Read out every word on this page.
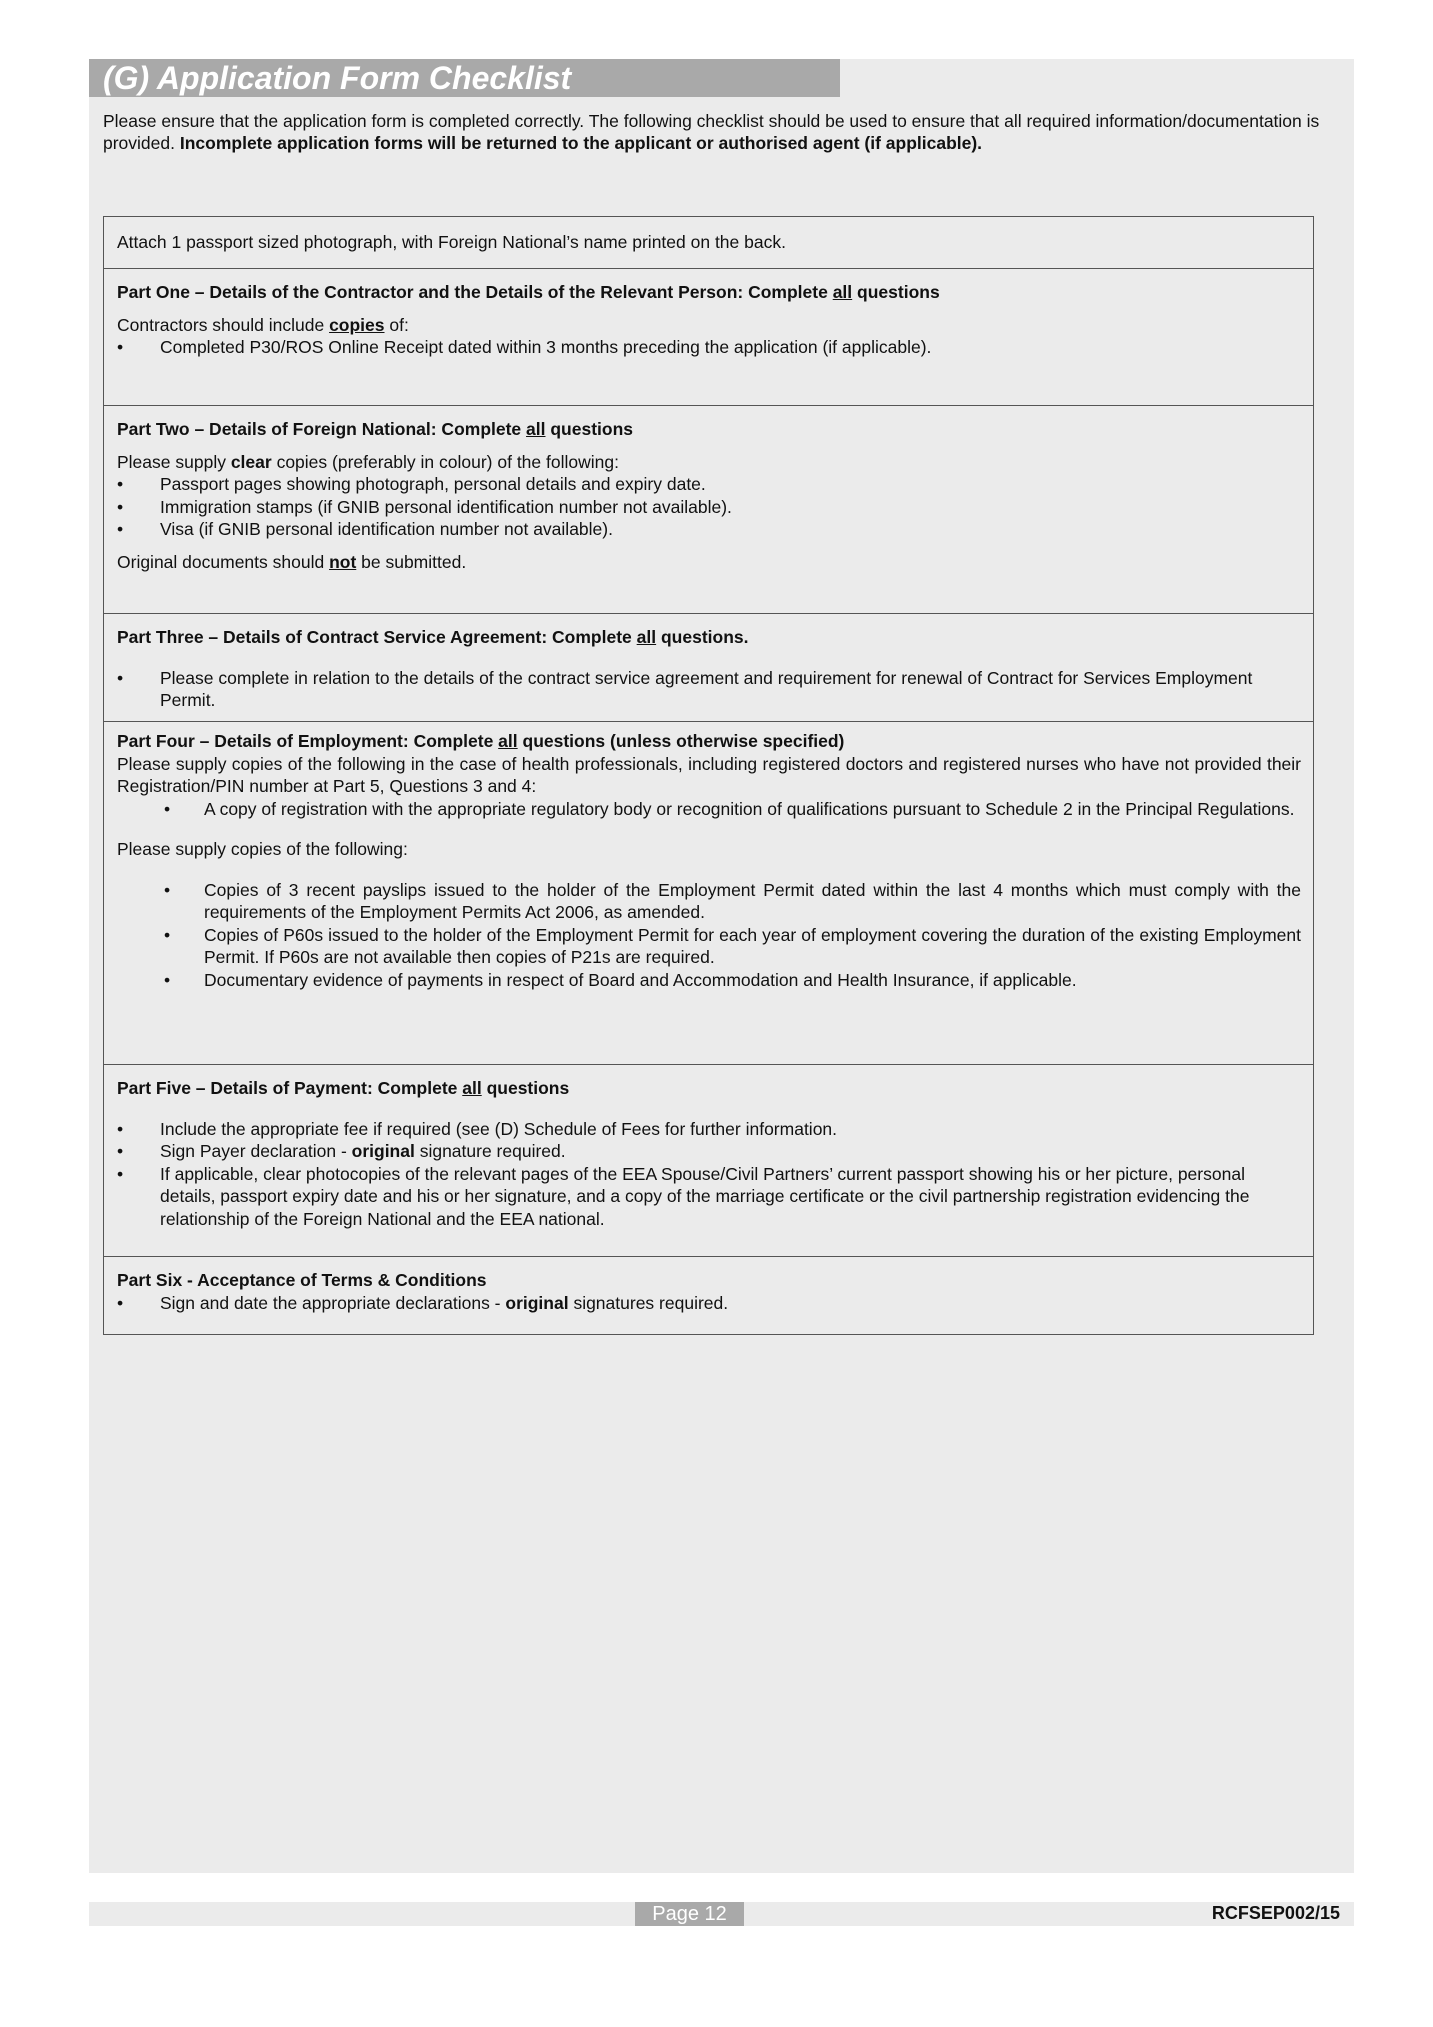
(G) Application Form Checklist
Please ensure that the application form is completed correctly. The following checklist should be used to ensure that all required information/documentation is provided. Incomplete application forms will be returned to the applicant or authorised agent (if applicable).
Attach 1 passport sized photograph, with Foreign National’s name printed on the back.
Part One – Details of the Contractor and the Details of the Relevant Person: Complete all questions
Contractors should include copies of:
• Completed P30/ROS Online Receipt dated within 3 months preceding the application (if applicable).
Part Two – Details of Foreign National: Complete all questions
Please supply clear copies (preferably in colour) of the following:
• Passport pages showing photograph, personal details and expiry date.
• Immigration stamps (if GNIB personal identification number not available).
• Visa (if GNIB personal identification number not available).
Original documents should not be submitted.
Part Three – Details of Contract Service Agreement: Complete all questions.
• Please complete in relation to the details of the contract service agreement and requirement for renewal of Contract for Services Employment Permit.
Part Four – Details of Employment: Complete all questions (unless otherwise specified)
Please supply copies of the following in the case of health professionals, including registered doctors and registered nurses who have not provided their Registration/PIN number at Part 5, Questions 3 and 4:
• A copy of registration with the appropriate regulatory body or recognition of qualifications pursuant to Schedule 2 in the Principal Regulations.
Please supply copies of the following:
• Copies of 3 recent payslips issued to the holder of the Employment Permit dated within the last 4 months which must comply with the requirements of the Employment Permits Act 2006, as amended.
• Copies of P60s issued to the holder of the Employment Permit for each year of employment covering the duration of the existing Employment Permit. If P60s are not available then copies of P21s are required.
• Documentary evidence of payments in respect of Board and Accommodation and Health Insurance, if applicable.
Part Five – Details of Payment: Complete all questions
• Include the appropriate fee if required (see (D) Schedule of Fees for further information.
• Sign Payer declaration - original signature required.
• If applicable, clear photocopies of the relevant pages of the EEA Spouse/Civil Partners’ current passport showing his or her picture, personal details, passport expiry date and his or her signature, and a copy of the marriage certificate or the civil partnership registration evidencing the relationship of the Foreign National and the EEA national.
Part Six - Acceptance of Terms & Conditions
• Sign and date the appropriate declarations - original signatures required.
Page 12	RCFSEP002/15
